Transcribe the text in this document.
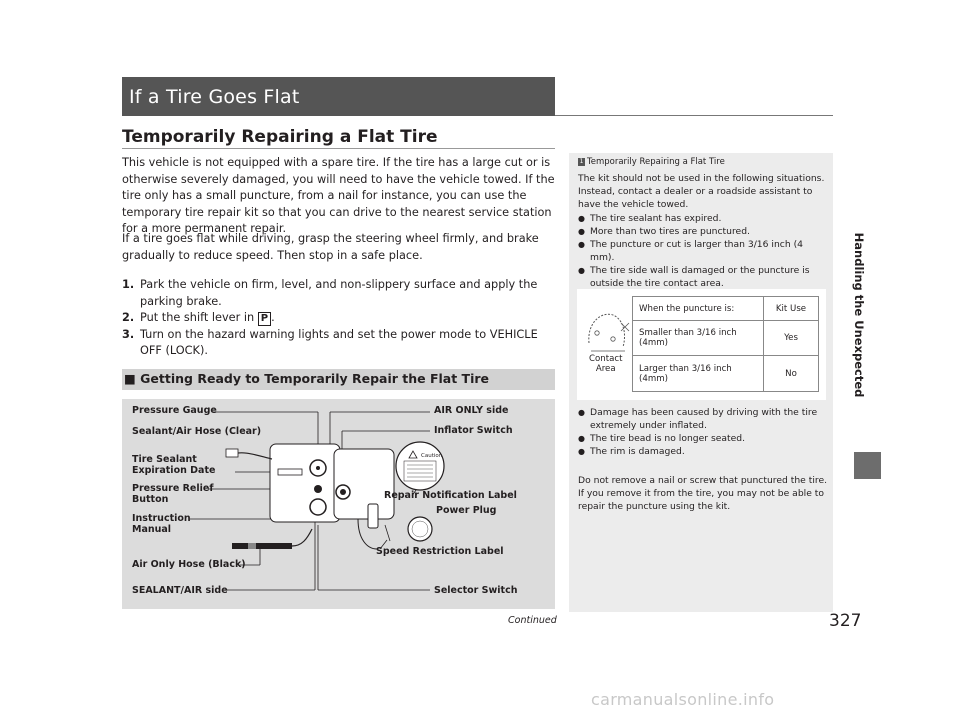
If a Tire Goes Flat
Temporarily Repairing a Flat Tire
This vehicle is not equipped with a spare tire. If the tire has a large cut or is otherwise severely damaged, you will need to have the vehicle towed. If the tire only has a small puncture, from a nail for instance, you can use the temporary tire repair kit so that you can drive to the nearest service station for a more permanent repair.
If a tire goes flat while driving, grasp the steering wheel firmly, and brake gradually to reduce speed. Then stop in a safe place.
1. Park the vehicle on firm, level, and non-slippery surface and apply the parking brake.
2. Put the shift lever in P .
3. Turn on the hazard warning lights and set the power mode to VEHICLE OFF (LOCK).
■ Getting Ready to Temporarily Repair the Flat Tire
Caution
Pressure Gauge
Sealant/Air Hose (Clear)
Tire Sealant
Expiration Date
Pressure Relief
Button
Instruction
Manual
Air Only Hose (Black)
SEALANT/AIR side
AIR ONLY side
Inflator Switch
Repair Notification Label
Power Plug
Speed Restriction Label
Selector Switch
1 Temporarily Repairing a Flat Tire
The kit should not be used in the following situations. Instead, contact a dealer or a roadside assistant to have the vehicle towed.
● The tire sealant has expired.
● More than two tires are punctured.
● The puncture or cut is larger than 3/16 inch (4 mm).
● The tire side wall is damaged or the puncture is outside the tire contact area.
Contact
Area
When the puncture is:	Kit Use

Smaller than 3/16 inch
(4mm)	Yes

Larger than 3/16 inch
(4mm)	No
● Damage has been caused by driving with the tire extremely under inflated.
● The tire bead is no longer seated.
● The rim is damaged.
Do not remove a nail or screw that punctured the tire. If you remove it from the tire, you may not be able to repair the puncture using the kit.
Handling the Unexpected
Continued	327
carmanualsonline.info
